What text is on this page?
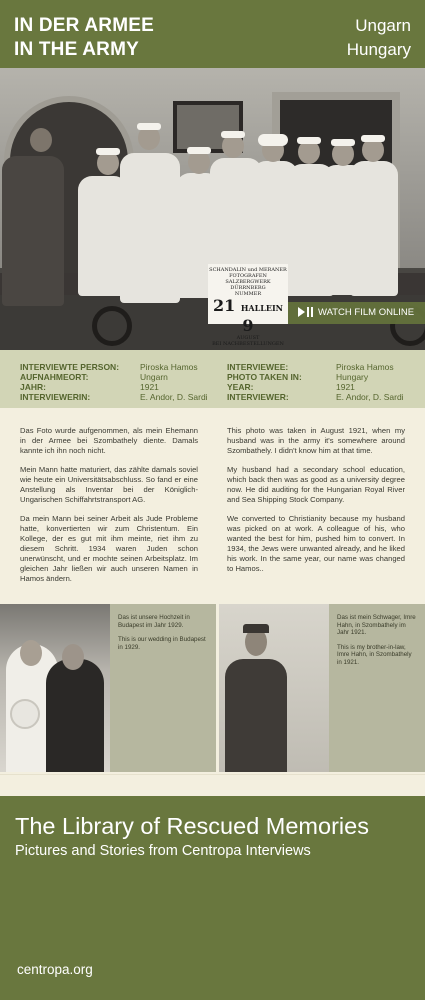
IN DER ARMEE
IN THE ARMY
Ungarn
Hungary
SCHANDALIN und MERANER
FOTOGRAFEN
SALZBERGWERK DÜRRNBERG
NUMMER
21 HALLEIN 9
AUGUST
BEI NACHBESTELLUNGEN
WATCH FILM ONLINE
INTERVIEWTE PERSON:
AUFNAHMEORT:
JAHR:
INTERVIEWERIN:
Piroska Hamos
Ungarn
1921
E. Andor, D. Sardi
INTERVIEWEE:
PHOTO TAKEN IN:
YEAR:
INTERVIEWER:
Piroska Hamos
Hungary
1921
E. Andor, D. Sardi

Das Foto wurde aufgenommen, als mein Ehemann in der Armee bei Szombathely diente. Damals kannte ich ihn noch nicht.

Mein Mann hatte maturiert, das zählte damals soviel wie heute ein Universitätsabschluss. So fand er eine Anstellung als Inventar bei der Königlich-Ungarischen Schiffahrtstransport AG.

Da mein Mann bei seiner Arbeit als Jude Probleme hatte, konvertierten wir zum Christentum. Ein Kollege, der es gut mit ihm meinte, riet ihm zu diesem Schritt. 1934 waren Juden schon unerwünscht, und er mochte seinen Arbeitsplatz. Im gleichen Jahr ließen wir auch unseren Namen in Hamos ändern.

This photo was taken in August 1921, when my husband was in the army it's somewhere around Szombathely. I didn't know him at that time.

My husband had a secondary school education, which back then was as good as a university degree now. He did auditing for the Hungarian Royal River and Sea Shipping Stock Company.

We converted to Christianity because my husband was picked on at work. A colleague of his, who wanted the best for him, pushed him to convert. In 1934, the Jews were unwanted already, and he liked his work. In the same year, our name was changed to Hamos..

Das ist unsere Hochzeit in Budapest im Jahr 1929.

This is our wedding in Budapest in 1929.

Das ist mein Schwager, Imre Hahn, in Szombathely im Jahr 1921.

This is my brother-in-law, Imre Hahn, in Szombathely in 1921.

The Library of Rescued Memories
Pictures and Stories from Centropa Interviews
centropa.org
